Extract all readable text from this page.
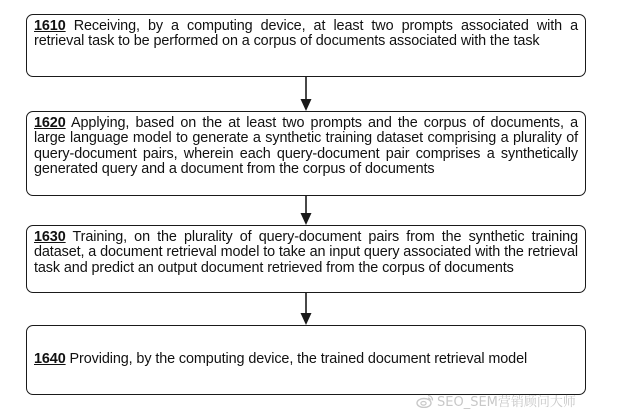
1610 Receiving, by a computing device, at least two prompts associated with a retrieval task to be performed on a corpus of documents associated with the task
1620 Applying, based on the at least two prompts and the corpus of documents, a large language model to generate a synthetic training dataset comprising a plurality of query-document pairs, wherein each query-document pair comprises a synthetically generated query and a document from the corpus of documents
1630 Training, on the plurality of query-document pairs from the synthetic training dataset, a document retrieval model to take an input query associated with the retrieval task and predict an output document retrieved from the corpus of documents
1640 Providing, by the computing device, the trained document retrieval model
SEO_SEM营销顾问大师
